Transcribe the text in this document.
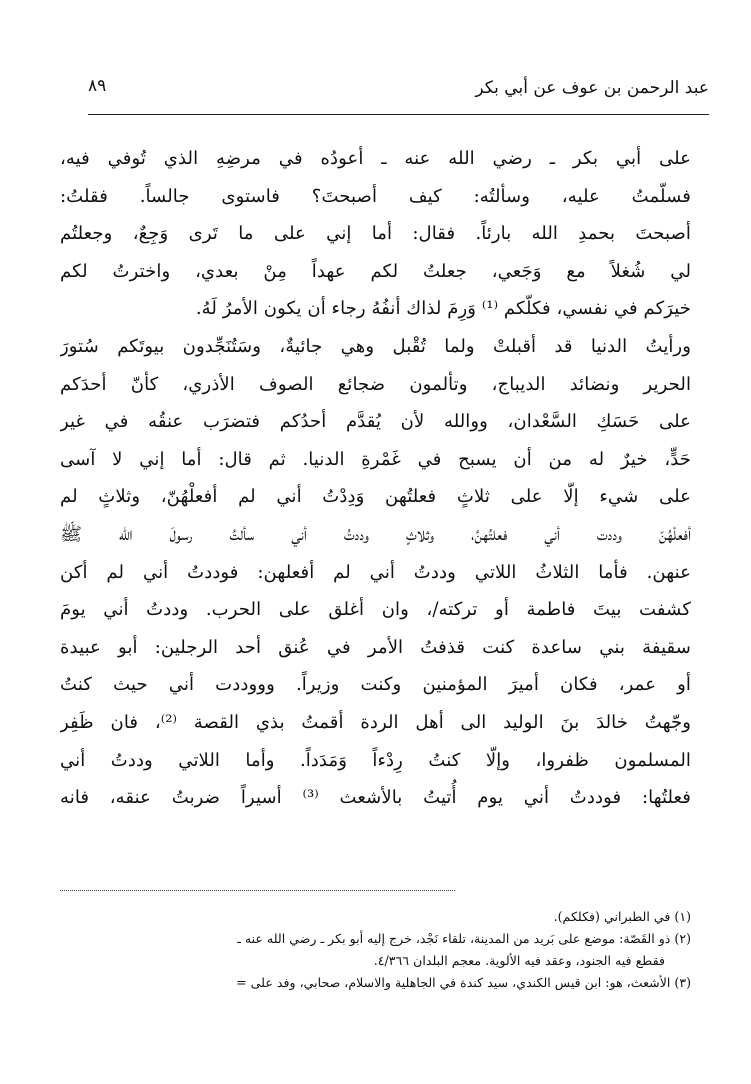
عبد الرحمن بن عوف عن أبي بكر
٨٩
على أبي بكر ـ رضي الله عنه ـ أعودُه في مرضِهِ الذي تُوفي فيه،
فسلّمتُ عليه، وسألتُه: كيف أصبحتَ؟ فاستوى جالساً. فقلتُ:
أصبحتَ بحمدِ الله بارئاً. فقال: أما إني على ما تَرى وَجِعٌ، وجعلتُم
لي شُغلاً مع وَجَعي، جعلتُ لكم عهداً مِنْ بعدي، واخترتُ لكم
خيرَكم في نفسي، فكلّكم ⁽¹⁾ وَرِمَ لذاك أنفُهُ رجاء أن يكون الأمرُ لَهُ.
ورأيتُ الدنيا قد أقبلتْ ولما تُقْبل وهي جائيةٌ، وسَتُنَجِّدون بيوتَكم سُتورَ
الحرير ونضائد الديباج، وتألمون ضجائع الصوف الأذري، كأنّ أحدَكم
على حَسَكِ السَّعْدان، ووالله لأن يُقدَّم أحدُكم فتضرَب عنقُه في غير
حَدٍّ، خيرٌ له من أن يسبح في غَمْرةِ الدنيا. ثم قال: أما إني لا آسى
على شيء إلّا على ثلاثٍ فعلتُهن وَدِدْتُ أني لم أفعلْهُنّ، وثلاثٍ لم
أفعلْهُنّ وددت أني فعلتُهنَّ، وثلاثٍ وددتُ أني سألتُ رسولَ الله ﷺ
عنهن. فأما الثلاثُ اللاتي وددتُ أني لم أفعلهن: فوددتُ أني لم أكن
كشفت بيتَ فاطمة أو تركته/، وان أغلق على الحرب. وددتُ أني يومَ
سقيفة بني ساعدة كنت قذفتُ الأمر في عُنق أحد الرجلين: أبو عبيدة
أو عمر، فكان أميرَ المؤمنين وكنت وزيراً. وووددت أني حيث كنتُ
وجّهتُ خالدَ بنَ الوليد الى أهل الردة أقمتُ بذي القصة ⁽²⁾، فان ظَفِر
المسلمون ظفروا، وإلّا كنتُ رِدْءاً وَمَدَداً. وأما اللاتي وددتُ أني
فعلتُها: فوددتُ أني يوم أُتيتُ بالأشعث ⁽³⁾ أسيراً ضربتُ عنقه، فانه
(١) في الطبراني (فكلكم).
(٢) ذو القَصّة: موضع على بَريد من المدينة، تلقاء نَجْد، خرج إليه أبو بكر ـ رضي الله عنه ـ
فقطع فيه الجنود، وعقد فيه الألوية. معجم البلدان ٤/٣٦٦.
(٣) الأشعث، هو: ابن قيس الكندي، سيد كندة في الجاهلية والاسلام، صحابي، وفد على =
